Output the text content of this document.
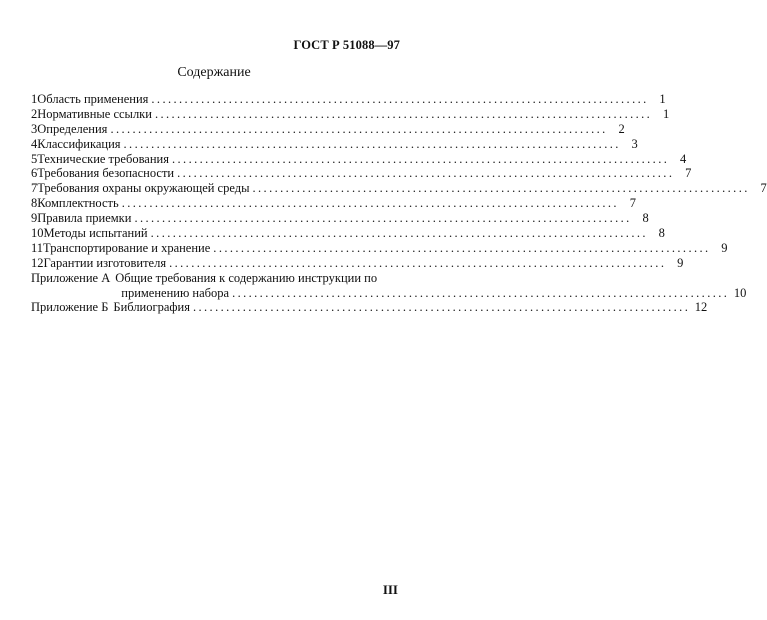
ГОСТ Р 51088—97
Содержание
1 Область применения .......................................................................................... 1
2 Нормативные ссылки .......................................................................................... 1
3 Определения .......................................................................................... 2
4 Классификация .......................................................................................... 3
5 Технические требования .......................................................................................... 4
6 Требования безопасности .......................................................................................... 7
7 Требования охраны окружающей среды .......................................................................................... 7
8 Комплектность .......................................................................................... 7
9 Правила приемки .......................................................................................... 8
10 Методы испытаний .......................................................................................... 8
11 Транспортирование и хранение .......................................................................................... 9
12 Гарантии изготовителя .......................................................................................... 9
Приложение А Общие требования к содержанию инструкции по
применению набора .......................................................................................... 10
Приложение Б Библиография .......................................................................................... 12
III
